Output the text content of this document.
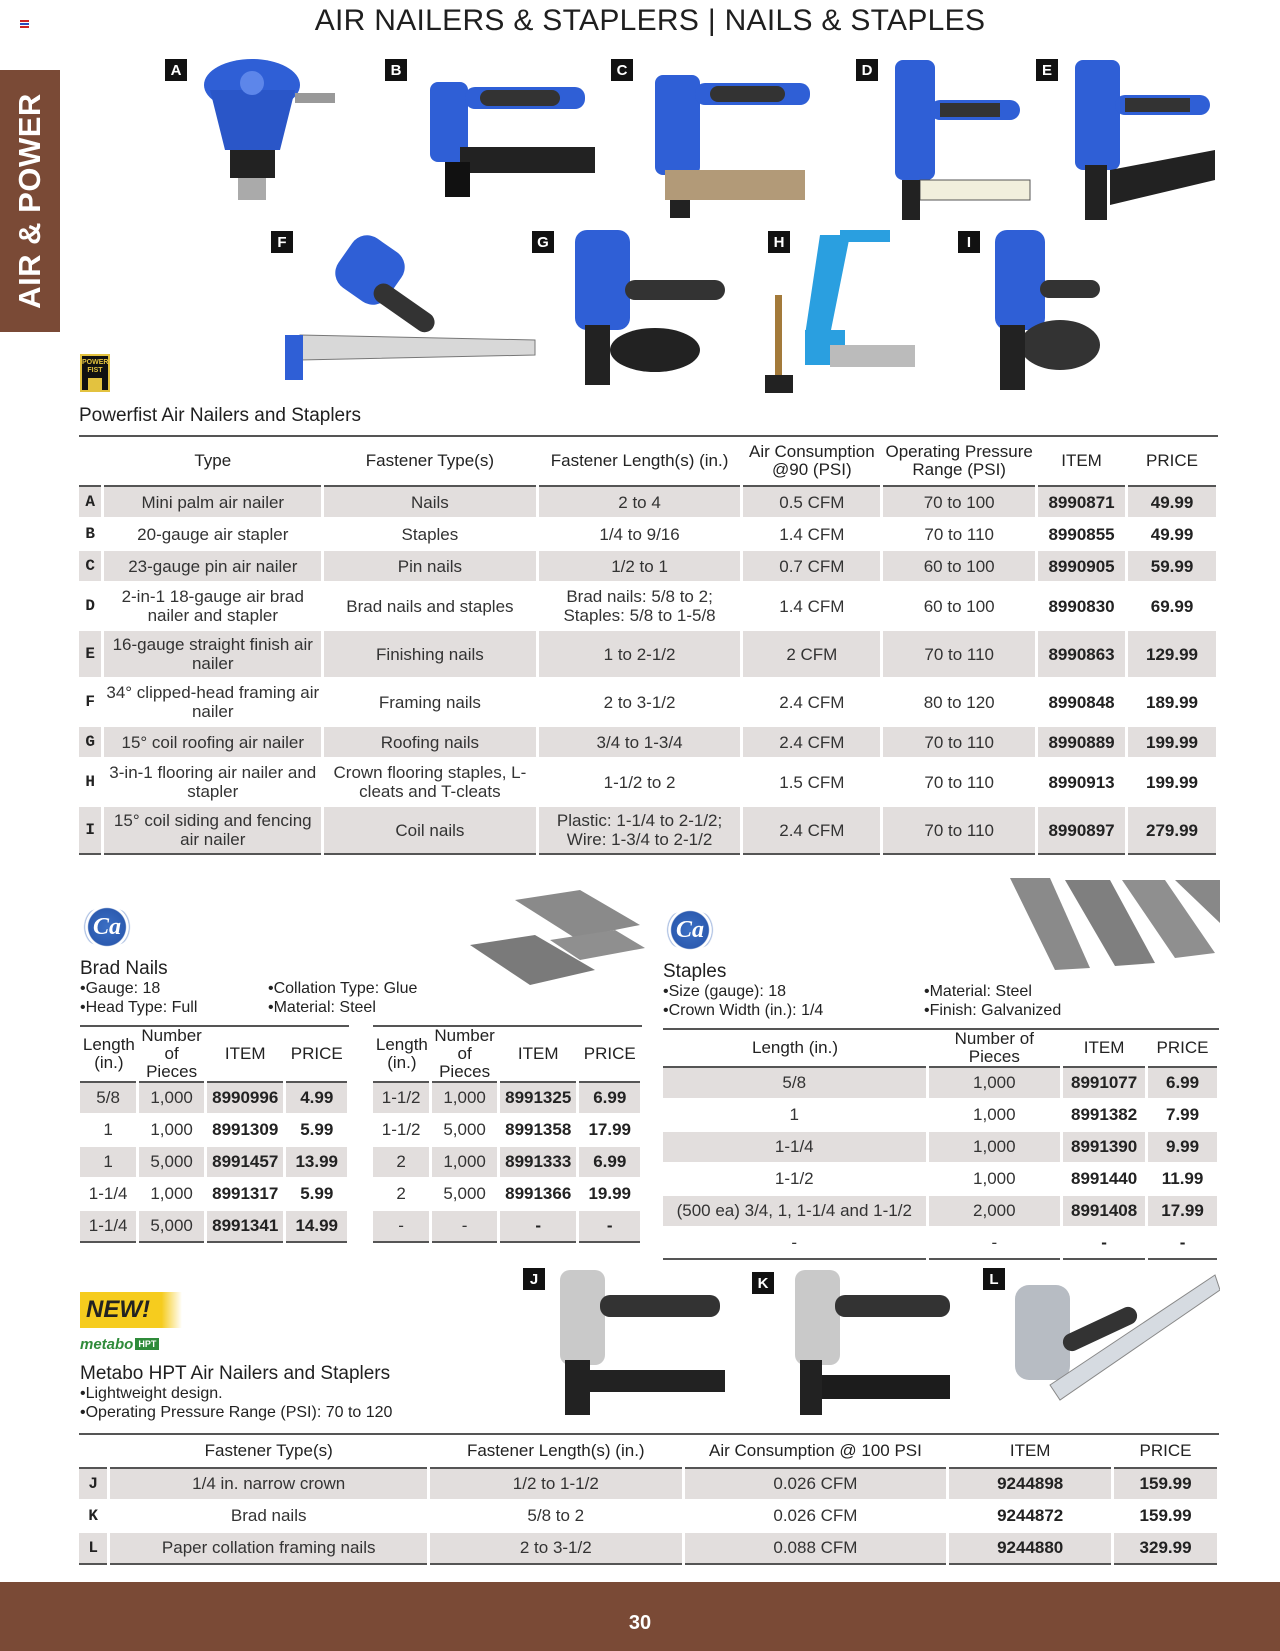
AIR NAILERS & STAPLERS | NAILS & STAPLES
AIR & POWER
A	B	C	D	E
F	G	H	I
POWER FIST
Powerfist Air Nailers and Staplers
	Type	Fastener Type(s)	Fastener Length(s) (in.)	Air Consumption @90 (PSI)	Operating Pressure Range (PSI)	ITEM	PRICE
A	Mini palm air nailer	Nails	2 to 4	0.5 CFM	70 to 100	8990871	49.99
B	20-gauge air stapler	Staples	1/4 to 9/16	1.4 CFM	70 to 110	8990855	49.99
C	23-gauge pin air nailer	Pin nails	1/2 to 1	0.7 CFM	60 to 100	8990905	59.99
D	2-in-1 18-gauge air brad nailer and stapler	Brad nails and staples	Brad nails: 5/8 to 2; Staples: 5/8 to 1-5/8	1.4 CFM	60 to 100	8990830	69.99
E	16-gauge straight finish air nailer	Finishing nails	1 to 2-1/2	2 CFM	70 to 110	8990863	129.99
F	34° clipped-head framing air nailer	Framing nails	2 to 3-1/2	2.4 CFM	80 to 120	8990848	189.99
G	15° coil roofing air nailer	Roofing nails	3/4 to 1-3/4	2.4 CFM	70 to 110	8990889	199.99
H	3-in-1 flooring air nailer and stapler	Crown flooring staples, L-cleats and T-cleats	1-1/2 to 2	1.5 CFM	70 to 110	8990913	199.99
I	15° coil siding and fencing air nailer	Coil nails	Plastic: 1-1/4 to 2-1/2; Wire: 1-3/4 to 2-1/2	2.4 CFM	70 to 110	8990897	279.99
Ca
Brad Nails
•Gauge: 18
•Head Type: Full
•Collation Type: Glue
•Material: Steel
Length (in.)	Number of Pieces	ITEM	PRICE
5/8	1,000	8990996	4.99
1	1,000	8991309	5.99
1	5,000	8991457	13.99
1-1/4	1,000	8991317	5.99
1-1/4	5,000	8991341	14.99
Length (in.)	Number of Pieces	ITEM	PRICE
1-1/2	1,000	8991325	6.99
1-1/2	5,000	8991358	17.99
2	1,000	8991333	6.99
2	5,000	8991366	19.99
-	-	-	-
Ca
Staples
•Size (gauge): 18
•Crown Width (in.): 1/4
•Material: Steel
•Finish: Galvanized
Length (in.)	Number of Pieces	ITEM	PRICE
5/8	1,000	8991077	6.99
1	1,000	8991382	7.99
1-1/4	1,000	8991390	9.99
1-1/2	1,000	8991440	11.99
(500 ea) 3/4, 1, 1-1/4 and 1-1/2	2,000	8991408	17.99
-	-	-	-
NEW!
metabo HPT
Metabo HPT Air Nailers and Staplers
•Lightweight design.
•Operating Pressure Range (PSI): 70 to 120
J	K	L
	Fastener Type(s)	Fastener Length(s) (in.)	Air Consumption @ 100 PSI	ITEM	PRICE
J	1/4 in. narrow crown	1/2 to 1-1/2	0.026 CFM	9244898	159.99
K	Brad nails	5/8 to 2	0.026 CFM	9244872	159.99
L	Paper collation framing nails	2 to 3-1/2	0.088 CFM	9244880	329.99
30
